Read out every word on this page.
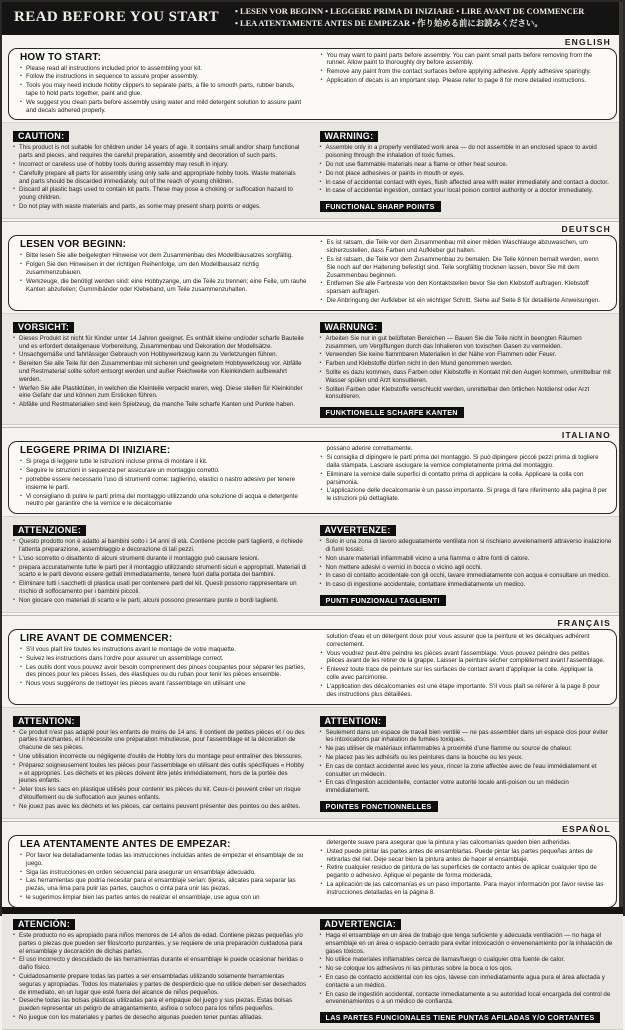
READ BEFORE YOU START • LESEN VOR BEGINN • LEGGERE PRIMA DI INIZIARE • LIRE AVANT DE COMMENCER
• LEA ATENTAMENTE ANTES DE EMPEZAR • 作り始める前にお読みください。
ENGLISH
HOW TO START:
• Please read all instructions included prior to assembling your kit.
• Follow the instructions in sequence to assure proper assembly.
• Tools you may need include hobby clippers to separate parts, a file to smooth parts, rubber bands, tape to hold parts together, paint and glue.
• We suggest you clean parts before assembly using water and mild detergent solution to assure paint and decals adhered properly.
• You may want to paint parts before assembly. You can paint small parts before removing from the runner. Allow paint to thoroughly dry before assembly.
• Remove any paint from the contact surfaces before applying adhesive. Apply adhesive sparingly.
• Application of decals is an important step. Please refer to page 8 for more detailed instructions.
CAUTION:
• This product is not suitable for children under 14 years of age. It contains small and/or sharp functional parts and pieces, and requires the careful preparation, assembly and decoration of such parts.
• Incorrect or careless use of hobby tools during assembly may result in injury.
• Carefully prepare all parts for assembly using only safe and appropriate hobby tools. Waste materials and parts should be discarded immediately, out of the reach of young children.
• Discard all plastic bags used to contain kit parts. These may pose a choking or suffocation hazard to young children.
• Do not play with waste materials and parts, as some may present sharp points or edges.
WARNING:
• Assemble only in a properly ventilated work area — do not assemble in an enclosed space to avoid poisoning through the inhalation of toxic fumes.
• Do not use flammable materials near a flame or other heat source.
• Do not place adhesives or paints in mouth or eyes.
• In case of accidental contact with eyes, flush affected area with water immediately and contact a doctor.
• In case of accidental ingestion, contact your local poison control authority or a doctor immediately.
FUNCTIONAL SHARP POINTS
DEUTSCH
LESEN VOR BEGINN:
• Bitte lesen Sie alle beigelegten Hinweise vor dem Zusammenbau des Modellbausatzes sorgfältig.
• Folgen Sie den Hinweisen in der richtigen Reihenfolge, um den Modellbausatz richtig zusammenzubauen.
• Werkzeuge, die benötigt werden sind: eine Hobbyzange, um die Teile zu trennen; eine Feile, um rauhe Kanten abzufeilen; Gummibänder oder Klebeband, um Teile zusammenzuhalten.
• Es ist ratsam, die Teile vor dem Zusammenbau mit einer milden Waschlauge abzuwaschen, um sicherzustellen, dass Farben und Aufkleber gut halten.
• Es ist ratsam, die Teile vor dem Zusammenbau zu bemalen. Die Teile können bemalt werden, wenn Sie noch auf der Halterung befestigt sind. Teile sorgfältig trocknen lassen, bevor Sie mit dem Zusammenbau beginnen.
• Entfernen Sie alle Farbreste von den Kontaktstellen bevor Sie den Klebstoff auftragen. Klebstoff sparsam auftragen.
• Die Anbringung der Aufkleber ist ein wichtiger Schritt. Siehe auf Seite 8 für detaillierte Anweisungen.
VORSICHT:
• Dieses Produkt ist nicht für Kinder unter 14 Jahren geeignet. Es enthält kleine und/oder scharfe Bauteile und es erfordert detailgenaue Vorbereitung, Zusammenbau und Dekoration der Modellsätze.
• Unsachgemäße und fahrlässiger Gebrauch von Hobbywerkzeug kann zu Verletzungen führen.
• Bereiten Sie alle Teile für den Zusammenbau mit sicheren und geeignetem Hobbywerkzeug vor. Abfälle und Restmaterial sollte sofort entsorgt werden und außer Reichweite von Kleinkindern aufbewahrt werden.
• Werfen Sie alle Plastiktüten, in welchen die Kleinteile verpackt waren, weg. Diese stellen für Kleinkinder eine Gefahr dar und können zum Ersticken führen.
• Abfälle und Restmaterialien sind kein Spielzeug, da manche Teile scharfe Kanten und Punkte haben.
WARNUNG:
• Arbeiten Sie nur in gut belüfteten Bereichen — Bauen Sie die Teile nicht in beengten Räumen zusammen, um Vergiftungen durch das Inhalieren von toxischen Gasen zu vermeiden.
• Verwenden Sie keine flammbaren Materialien in der Nähe von Flammen oder Feuer.
• Farben und Klebstoffe dürfen nicht in den Mund genommen werden.
• Sollte es dazu kommen, dass Farben oder Klebstoffe in Kontakt mit den Augen kommen, unmittelbar mit Wasser spülen und Arzt konsultieren.
• Sollten Farben oder Klebstoffe verschluckt werden, unmittelbar den örtlichen Notdienst oder Arzt konsultieren.
FUNKTIONELLE SCHARFE KANTEN
ITALIANO
LEGGERE PRIMA DI INIZIARE:
• Si prega di leggere tutte le istruzioni incluse prima di montare il kit.
• Seguire le istruzioni in sequenza per assicurare un montaggio corretto.
• potrebbe essere necessario l'uso di strumenti come: taglierino, elastici o nastro adesivo per tenere insieme le parti.
• Vi consigliano di pulire le parti prima del montaggio utilizzando una soluzione di acqua e detergente neutro per garantire che la vernice e le decalcomanie
possano aderire correttamente.
• Si consiglia di dipingere le parti prima del montaggio. Si può dipingere piccoli pezzi prima di togliere dalla stampata. Lasciare asciugare la vernice completamente prima del montaggio.
• Eliminare la vernice dalle superfici di contatto prima di applicare la colla. Applicare la colla con parsimonia.
• L'applicazione delle decalcomanie è un passo importante. Si prega di fare riferimento alla pagina 8 per le istruzioni più dettagliate.
ATTENZIONE:
• Questo prodotto non è adatto ai bambini sotto i 14 anni di età. Contiene piccole parti taglienti, e richiede l'attenta preparazione, assemblaggio e decorazione di tali pezzi.
• L'uso scorretto o disattento di alcuni strumenti durante il montaggio può causare lesioni.
• prepara accuratamente tutte le parti per il montaggio utilizzando strumenti sicuri e appropriati. Materiali di scarto e le parti devono essere gettati immediatamente, tenere fuori dalla portata dei bambini.
• Eliminare tutti i sacchetti di plastica usati per contenere parti del kit. Questi possono rappresentare un rischio di soffocamento per i bambini piccoli.
• Non giocare con materiali di scarto e le parti, alcuni possono presentare punte o bordi taglienti.
AVVERTENZE:
• Solo in una zona di lavoro adeguatamente ventilata non si rischiano avvelenamenti attraverso inalazione di fumi tossici.
• Non usare materiali infiammabili vicino a una fiamma o altre fonti di calore.
• Non mettere adesivi o vernici in bocca o vicino agli occhi.
• In caso di contatto accidentale con gli occhi, lavare immediatamente con acqua e consultare un medico.
• In caso di ingestione accidentale, contattare immediatamente un medico.
PUNTI FUNZIONALI TAGLIENTI
FRANÇAIS
LIRE AVANT DE COMMENCER:
• S'il vous plaît lire toutes les instructions avant le montage de votre maquette.
• Suivez les instructions dans l'ordre pour assurer un assemblage correct.
• Les outils dont vous pouvez avoir besoin comprennent des pinces coupantes pour séparer les parties, des pinces pour les pièces lisses, des élastiques ou du ruban pour tenir les pièces ensemble.
• Nous vous suggérons de nettoyer les pièces avant l'assemblage en utilisant une
solution d'eau et un détergent doux pour vous assurer que la peinture et les décalques adhérent correctement.
• Vous voudrez peut-être peindre les pièces avant l'assemblage. Vous pouvez peindre des petites pièces avant de les retirer de la grappe. Laisser la peinture sécher complètement avant l'assemblage.
• Enlevez toute trace de peinture sur les surfaces de contact avant d'appliquer la colle. Appliquer la colle avec parcimonie.
• L'application des décalcomanies est une étape importante. S'il vous plaît se référer à la page 8 pour des instructions plus détaillées.
ATTENTION:
• Ce produit n'est pas adapté pour les enfants de moins de 14 ans. Il contient de petites pièces et / ou des parties tranchantes, et il nécessite une préparation minutieuse, pour l'assemblage et la décoration de chacune de ses pièces.
• Une utilisation incorrecte ou négligente d'outils de Hobby lors du montage peut entraîner des blessures.
• Préparez soigneusement toutes les pièces pour l'assemblage en utilisant des outils spécifiques « Hobby » et appropriés. Les déchets et les pièces doivent être jetés immédiatement, hors de la portée des jeunes enfants.
• Jeter tous les sacs en plastique utilisés pour contenir les pièces du kit. Ceux-ci peuvent créer un risque d'étouffement ou de suffocation aux jeunes enfants.
• Ne jouez pas avec les déchets et les pièces, car certains peuvent présenter des pointes ou des arêtes.
ATTENTION:
• Seulement dans un espace de travail bien ventilé — ne pas assembler dans un espace clos pour éviter les intoxications par inhalation de fumées toxiques.
• Ne pas utiliser de matériaux inflammables à proximité d'une flamme ou source de chaleur.
• Ne placez pas les adhésifs ou les peintures dans la bouche ou les yeux.
• En cas de contact accidentel avec les yeux, rincer la zone affectée avec de l'eau immédiatement et consulter un médecin.
• En cas d'ingestion accidentelle, contacter votre autorité locale anti-poison ou un médecin immédiatement.
POINTES FONCTIONNELLES
ESPAÑOL
LEA ATENTAMENTE ANTES DE EMPEZAR:
• Por favor lea detalladamente todas las instrucciones incluidas antes de empezar el ensamblaje de su juego.
• Siga las instrucciones en orden secuencial para asegurar un ensamblaje adecuado.
• Las herramientas que podría necesitar para el ensamblaje serían: tijeras, alicates para separar las piezas, una lima para pulir las partes, cauchos o cinta para unir las piezas.
• le sugerimos limpiar bien las partes antes de realizar el ensamblaje, use agua con un
detergente suave para asegurar que la pintura y las calcomanías queden bien adheridas.
• Usted puede pintar las partes antes de ensamblarlas. Puede pintar las partes pequeñas antes de retirarlas del riel. Deje secar bien la pintura antes de hacer el ensamblaje.
• Retire cualquier residuo de pintura de las superficies de contacto antes de aplicar cualquier tipo de peganto o adhesivo. Aplique el pegante de forma moderada.
• La aplicación de las calcomanías es un paso importante. Para mayor información por favor revise las instrucciones detalladas en la página 8.
ATENCIÓN:
• Este producto no es apropiado para niños menores de 14 años de edad. Contiene piezas pequeñas y/o partes o piezas que pueden ser filos/corto punzantes, y se requiere de una preparación cuidadosa para el ensamblaje y decoración de dichas partes.
• El uso incorrecto y descuidado de las herramientas durante el ensamblaje le puede ocasionar heridas o daño físico.
• Cuidadosamente prepare todas las partes a ser ensambladas utilizando solamente herramientas seguras y apropiadas. Todos los materiales y partes de desperdicio que no utilice deben ser desechados de inmediato, en un lugar que esté fuera del alcance de niños pequeños.
• Deseche todas las bolsas plásticas utilizadas para el empaque del juego y sus piezas. Estas bolsas pueden representar un peligro de atragantamiento, asfixia o sofoco para los niños pequeños.
• No juegue con los materiales y partes de desecho algunas pueden tener puntas afiladas.
ADVERTENCIA:
• Haga el ensamblaje en un área de trabajo que tenga suficiente y adecuada ventilación — no haga el ensamblaje en un área o espacio cerrado para evitar intoxicación o envenenamiento por la inhalación de gases tóxicos.
• No utilice materiales inflamables cerca de llamas/fuego o cualquier otra fuente de calor.
• No se coloque los adhesivos ni las pinturas sobre la boca o los ojos.
• En caso de contacto accidental con los ojos, lávese con inmediatamente agua pura el área afectada y contacte a un médico.
• En caso de ingestión accidental, contacte inmediatamente a su autoridad local encargada del control de envenenamientos o a un médico de confianza.
LAS PARTES FUNCIONALES TIENE PUNTAS AFILADAS Y/O CORTANTES
